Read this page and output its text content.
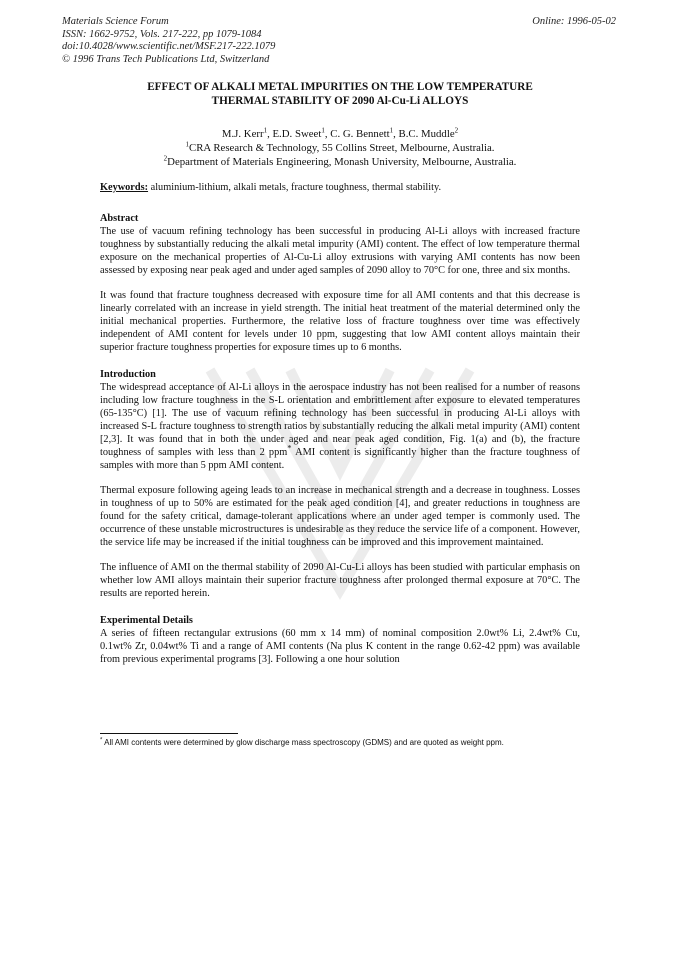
Materials Science Forum
ISSN: 1662-9752, Vols. 217-222, pp 1079-1084
doi:10.4028/www.scientific.net/MSF.217-222.1079
© 1996 Trans Tech Publications Ltd, Switzerland
Online: 1996-05-02
EFFECT OF ALKALI METAL IMPURITIES ON THE LOW TEMPERATURE
THERMAL STABILITY OF 2090 Al-Cu-Li ALLOYS
M.J. Kerr$^1$, E.D. Sweet$^1$, C. G. Bennett$^1$, B.C. Muddle$^2$
$^1$CRA Research & Technology, 55 Collins Street, Melbourne, Australia.
$^2$Department of Materials Engineering, Monash University, Melbourne, Australia.

Keywords: aluminium-lithium, alkali metals, fracture toughness, thermal stability.

Abstract

The use of vacuum refining technology has been successful in producing Al-Li alloys with increased fracture toughness by substantially reducing the alkali metal impurity (AMI) content. The effect of low temperature thermal exposure on the mechanical properties of Al-Cu-Li alloy extrusions with varying AMI contents has now been assessed by exposing near peak aged and under aged samples of 2090 alloy to 70°C for one, three and six months.

It was found that fracture toughness decreased with exposure time for all AMI contents and that this decrease is linearly correlated with an increase in yield strength. The initial heat treatment of the material determined only the initial mechanical properties. Furthermore, the relative loss of fracture toughness over time was effectively independent of AMI content for levels under 10 ppm, suggesting that low AMI content alloys maintain their superior fracture toughness properties for exposure times up to 6 months.

Introduction

The widespread acceptance of Al-Li alloys in the aerospace industry has not been realised for a number of reasons including low fracture toughness in the S-L orientation and embrittlement after exposure to elevated temperatures (65-135°C) [1]. The use of vacuum refining technology has been successful in producing Al-Li alloys with increased S-L fracture toughness to strength ratios by substantially reducing the alkali metal impurity (AMI) content [2,3]. It was found that in both the under aged and near peak aged condition, Fig. 1(a) and (b), the fracture toughness of samples with less than 2 ppm* AMI content is significantly higher than the fracture toughness of samples with more than 5 ppm AMI content.

Thermal exposure following ageing leads to an increase in mechanical strength and a decrease in toughness. Losses in toughness of up to 50% are estimated for the peak aged condition [4], and greater reductions in toughness are found for the safety critical, damage-tolerant applications where an under aged temper is commonly used. The occurrence of these unstable microstructures is undesirable as they reduce the service life of a component. However, the service life may be increased if the initial toughness can be improved and this improvement maintained.

The influence of AMI on the thermal stability of 2090 Al-Cu-Li alloys has been studied with particular emphasis on whether low AMI alloys maintain their superior fracture toughness after prolonged thermal exposure at 70°C. The results are reported herein.

Experimental Details

A series of fifteen rectangular extrusions (60 mm x 14 mm) of nominal composition 2.0wt% Li, 2.4wt% Cu, 0.1wt% Zr, 0.04wt% Ti and a range of AMI contents (Na plus K content in the range 0.62-42 ppm) was available from previous experimental programs [3]. Following a one hour solution

* All AMI contents were determined by glow discharge mass spectroscopy (GDMS) and are quoted as weight ppm.
